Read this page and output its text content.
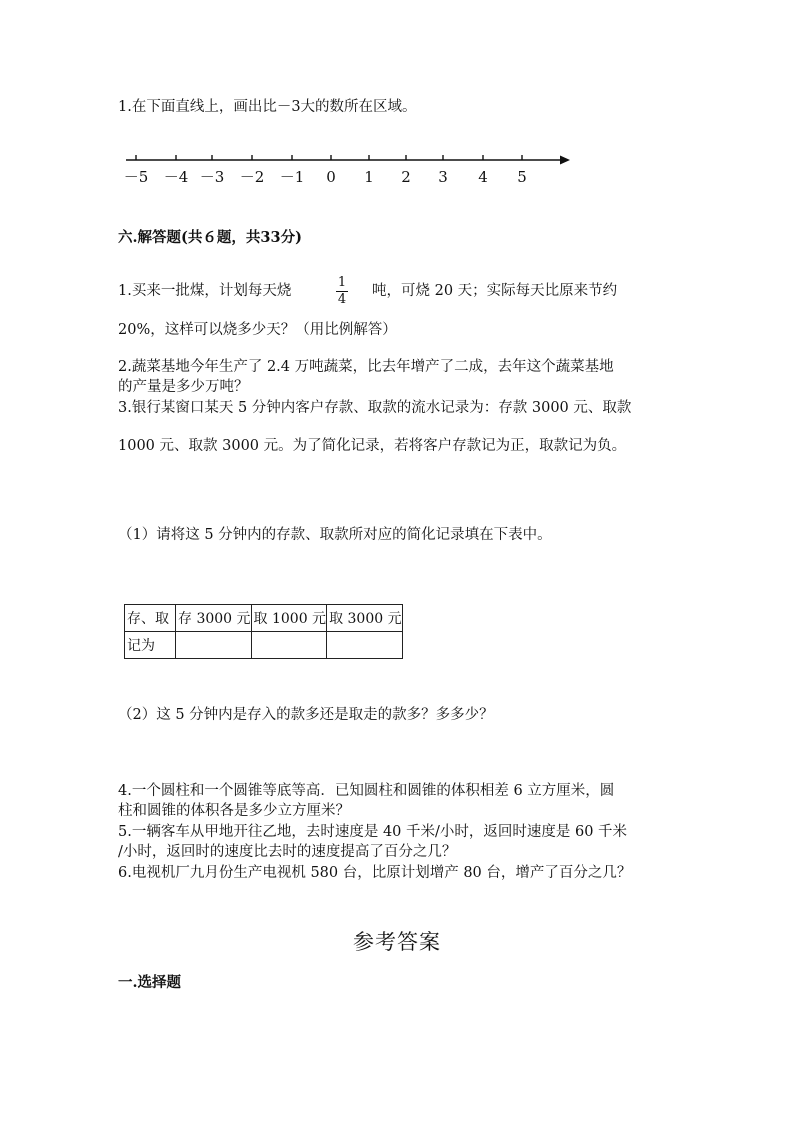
1.在下面直线上，画出比－3大的数所在区域。
－5 －4 －3 －2 －1 0 1 2 3 4 5
六.解答题(共６题，共33分)
1.买来一批煤，计划每天烧
1
4
吨，可烧 20 天；实际每天比原来节约
20%，这样可以烧多少天？（用比例解答）
2.蔬菜基地今年生产了 2.4 万吨蔬菜，比去年增产了二成，去年这个蔬菜基地
的产量是多少万吨？
3.银行某窗口某天 5 分钟内客户存款、取款的流水记录为：存款 3000 元、取款
1000 元、取款 3000 元。为了简化记录，若将客户存款记为正，取款记为负。
（1）请将这 5 分钟内的存款、取款所对应的简化记录填在下表中。
存、取	存 3000 元	取 1000 元	取 3000 元
记为			
（2）这 5 分钟内是存入的款多还是取走的款多？多多少？
4.一个圆柱和一个圆锥等底等高．已知圆柱和圆锥的体积相差 6 立方厘米，圆
柱和圆锥的体积各是多少立方厘米？
5.一辆客车从甲地开往乙地，去时速度是 40 千米/小时，返回时速度是 60 千米
/小时，返回时的速度比去时的速度提高了百分之几？
6.电视机厂九月份生产电视机 580 台，比原计划增产 80 台，增产了百分之几？
参考答案
一.选择题
